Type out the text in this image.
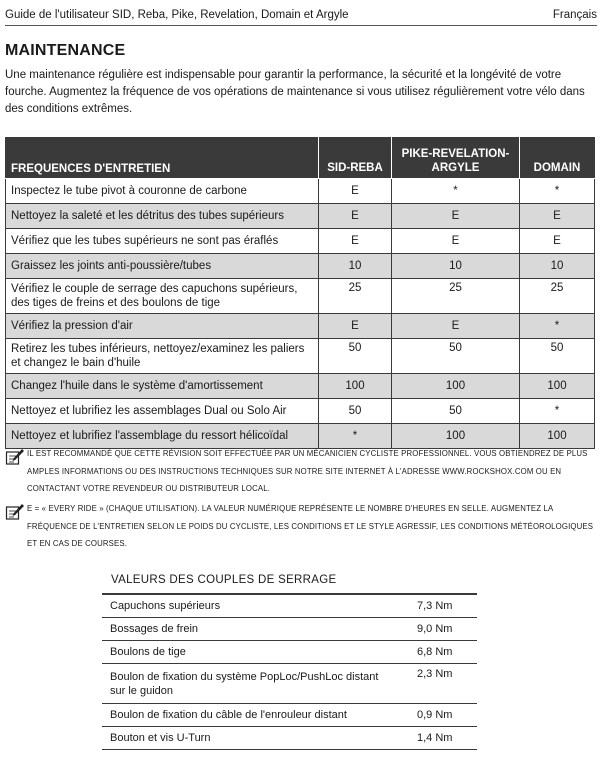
Guide de l'utilisateur SID, Reba, Pike, Revelation, Domain et Argyle	Français
MAINTENANCE

Une maintenance régulière est indispensable pour garantir la performance, la sécurité et la longévité de votre fourche. Augmentez la fréquence de vos opérations de maintenance si vous utilisez régulièrement votre vélo dans des conditions extrêmes.

FREQUENCES D'ENTRETIEN	SID-REBA	PIKE-REVELATION-ARGYLE	DOMAIN
Inspectez le tube pivot à couronne de carbone	E	*	*
Nettoyez la saleté et les détritus des tubes supérieurs	E	E	E
Vérifiez que les tubes supérieurs ne sont pas éraflés	E	E	E
Graissez les joints anti-poussière/tubes	10	10	10
Vérifiez le couple de serrage des capuchons supérieurs, des tiges de freins et des boulons de tige	25	25	25
Vérifiez la pression d'air	E	E	*
Retirez les tubes inférieurs, nettoyez/examinez les paliers et changez le bain d'huile	50	50	50
Changez l'huile dans le système d'amortissement	100	100	100
Nettoyez et lubrifiez les assemblages Dual ou Solo Air	50	50	*
Nettoyez et lubrifiez l'assemblage du ressort hélicoïdal	*	100	100
IL EST RECOMMANDÉ QUE CETTE RÉVISION SOIT EFFECTUÉE PAR UN MÉCANICIEN CYCLISTE PROFESSIONNEL. VOUS OBTIENDREZ DE PLUS AMPLES INFORMATIONS OU DES INSTRUCTIONS TECHNIQUES SUR NOTRE SITE INTERNET À L'ADRESSE WWW.ROCKSHOX.COM OU EN CONTACTANT VOTRE REVENDEUR OU DISTRIBUTEUR LOCAL.
E = « EVERY RIDE » (CHAQUE UTILISATION). LA VALEUR NUMÉRIQUE REPRÉSENTE LE NOMBRE D'HEURES EN SELLE. AUGMENTEZ LA FRÉQUENCE DE L'ENTRETIEN SELON LE POIDS DU CYCLISTE, LES CONDITIONS ET LE STYLE AGRESSIF, LES CONDITIONS MÉTÉOROLOGIQUES ET EN CAS DE COURSES.
VALEURS DES COUPLES DE SERRAGE
Capuchons supérieurs	7,3 Nm
Bossages de frein	9,0 Nm
Boulons de tige	6,8 Nm
Boulon de fixation du système PopLoc/PushLoc distant sur le guidon	2,3 Nm
Boulon de fixation du câble de l'enrouleur distant	0,9 Nm
Bouton et vis U-Turn	1,4 Nm
